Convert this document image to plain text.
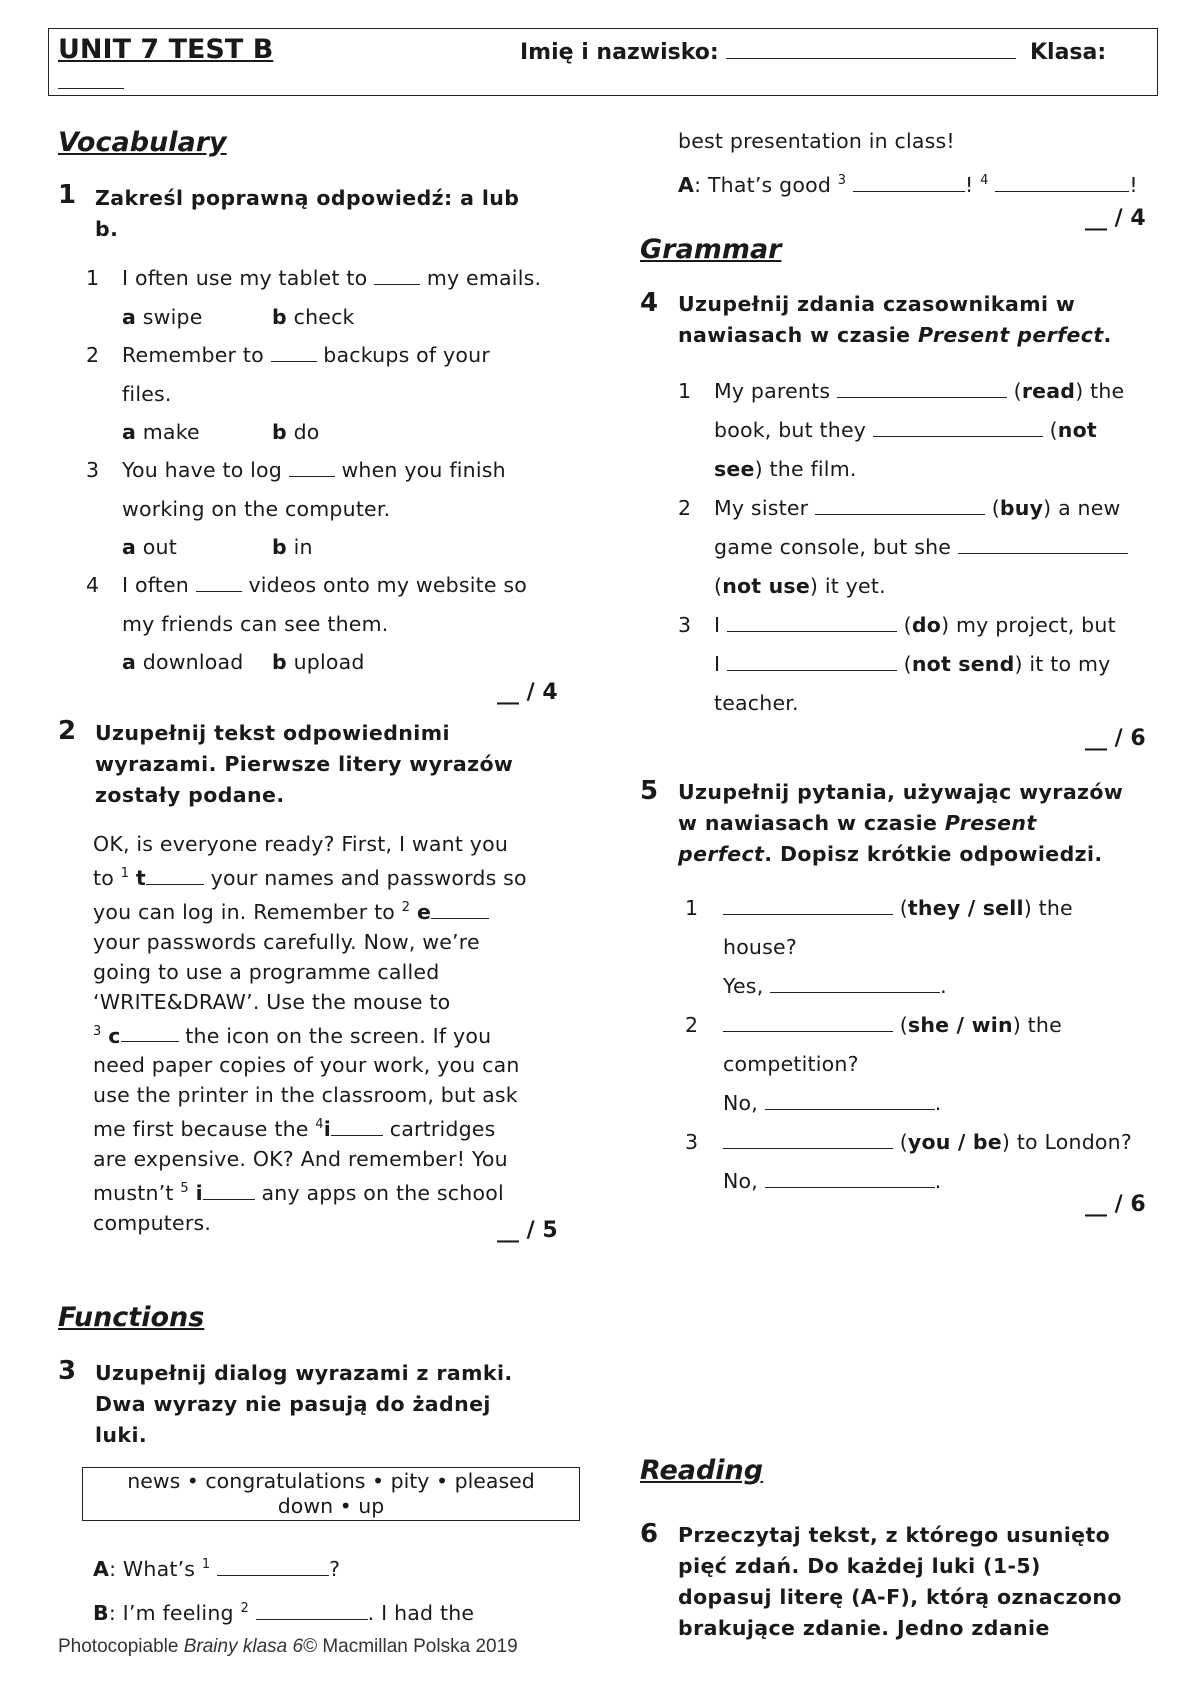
UNIT 7 TEST B	Imię i nazwisko:	Klasa:
Vocabulary
1 Zakreśl poprawną odpowiedź: a lub
b.
1 I often use my tablet to	my emails.
a swipe	b check
2 Remember to	backups of your
files.
a make	b do
3 You have to log	when you finish
working on the computer.
a out	b in
4 I often	videos onto my website so
my friends can see them.
a download b upload
__ / 4
2 Uzupełnij tekst odpowiednimi
wyrazami. Pierwsze litery wyrazów
zostały podane.
OK, is everyone ready? First, I want you
to $^1$ t	your names and passwords so
you can log in. Remember to $^2$ e
your passwords carefully. Now, we’re
going to use a programme called
‘WRITE&DRAW’. Use the mouse to
$^3$ c	the icon on the screen. If you
need paper copies of your work, you can
use the printer in the classroom, but ask
me first because the $^4$i	cartridges
are expensive. OK? And remember! You
mustn’t $^5$ i	any apps on the school
computers.	__ / 5
Functions
3 Uzupełnij dialog wyrazami z ramki.
Dwa wyrazy nie pasują do żadnej
luki.
news • congratulations • pity • pleased
down • up
A: What’s $^1$	?
B: I’m feeling $^2$	. I had the
Photocopiable Brainy klasa 6© Macmillan Polska 2019
best presentation in class!
A: That’s good $^3$	! $^4$	!
__ / 4
Grammar
4 Uzupełnij zdania czasownikami w
nawiasach w czasie Present perfect.
1 My parents	(read) the
book, but they	(not
see) the film.
2 My sister	(buy) a new
game console, but she
(not use) it yet.
3 I	(do) my project, but
I	(not send) it to my
teacher.
__ / 6
5 Uzupełnij pytania, używając wyrazów
w nawiasach w czasie Present
perfect. Dopisz krótkie odpowiedzi.
1	(they / sell) the
house?
Yes,	.
2	(she / win) the
competition?
No,	.
3	(you / be) to London?
No,	.
__ / 6
Reading
6 Przeczytaj tekst, z którego usunięto
pięć zdań. Do każdej luki (1-5)
dopasuj literę (A-F), którą oznaczono
brakujące zdanie. Jedno zdanie
